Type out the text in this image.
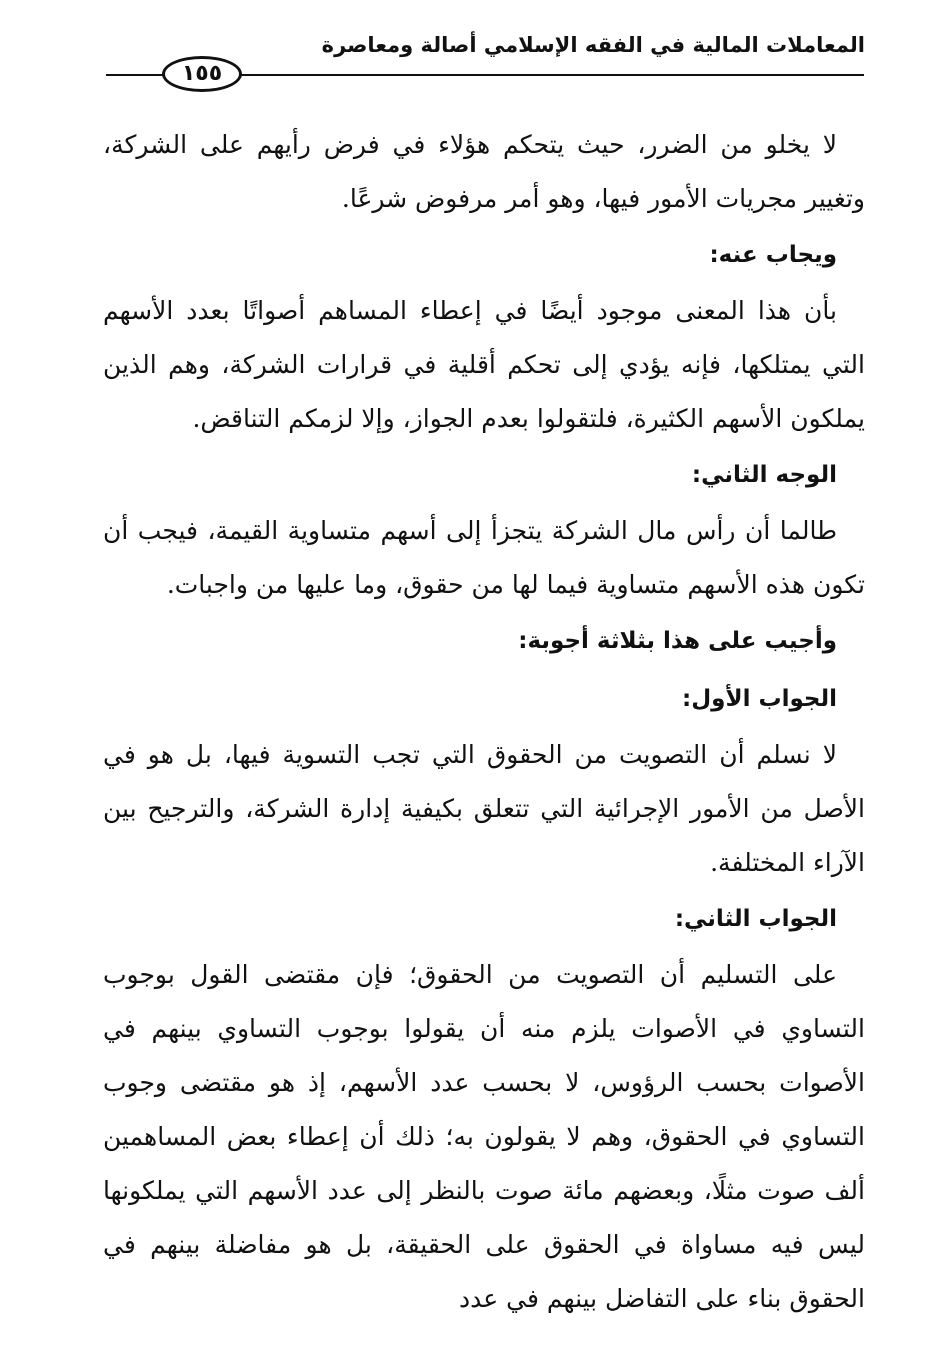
المعاملات المالية في الفقه الإسلامي أصالة ومعاصرة
١٥٥

لا يخلو من الضرر، حيث يتحكم هؤلاء في فرض رأيهم على الشركة، وتغيير مجريات الأمور فيها، وهو أمر مرفوض شرعًا.

ويجاب عنه:

بأن هذا المعنى موجود أيضًا في إعطاء المساهم أصواتًا بعدد الأسهم التي يمتلكها، فإنه يؤدي إلى تحكم أقلية في قرارات الشركة، وهم الذين يملكون الأسهم الكثيرة، فلتقولوا بعدم الجواز، وإلا لزمكم التناقض.

الوجه الثاني:

طالما أن رأس مال الشركة يتجزأ إلى أسهم متساوية القيمة، فيجب أن تكون هذه الأسهم متساوية فيما لها من حقوق، وما عليها من واجبات.

وأجيب على هذا بثلاثة أجوبة:

الجواب الأول:

لا نسلم أن التصويت من الحقوق التي تجب التسوية فيها، بل هو في الأصل من الأمور الإجرائية التي تتعلق بكيفية إدارة الشركة، والترجيح بين الآراء المختلفة.

الجواب الثاني:

على التسليم أن التصويت من الحقوق؛ فإن مقتضى القول بوجوب التساوي في الأصوات يلزم منه أن يقولوا بوجوب التساوي بينهم في الأصوات بحسب الرؤوس، لا بحسب عدد الأسهم، إذ هو مقتضى وجوب التساوي في الحقوق، وهم لا يقولون به؛ ذلك أن إعطاء بعض المساهمين ألف صوت مثلًا، وبعضهم مائة صوت بالنظر إلى عدد الأسهم التي يملكونها ليس فيه مساواة في الحقوق على الحقيقة، بل هو مفاضلة بينهم في الحقوق بناء على التفاضل بينهم في عدد
